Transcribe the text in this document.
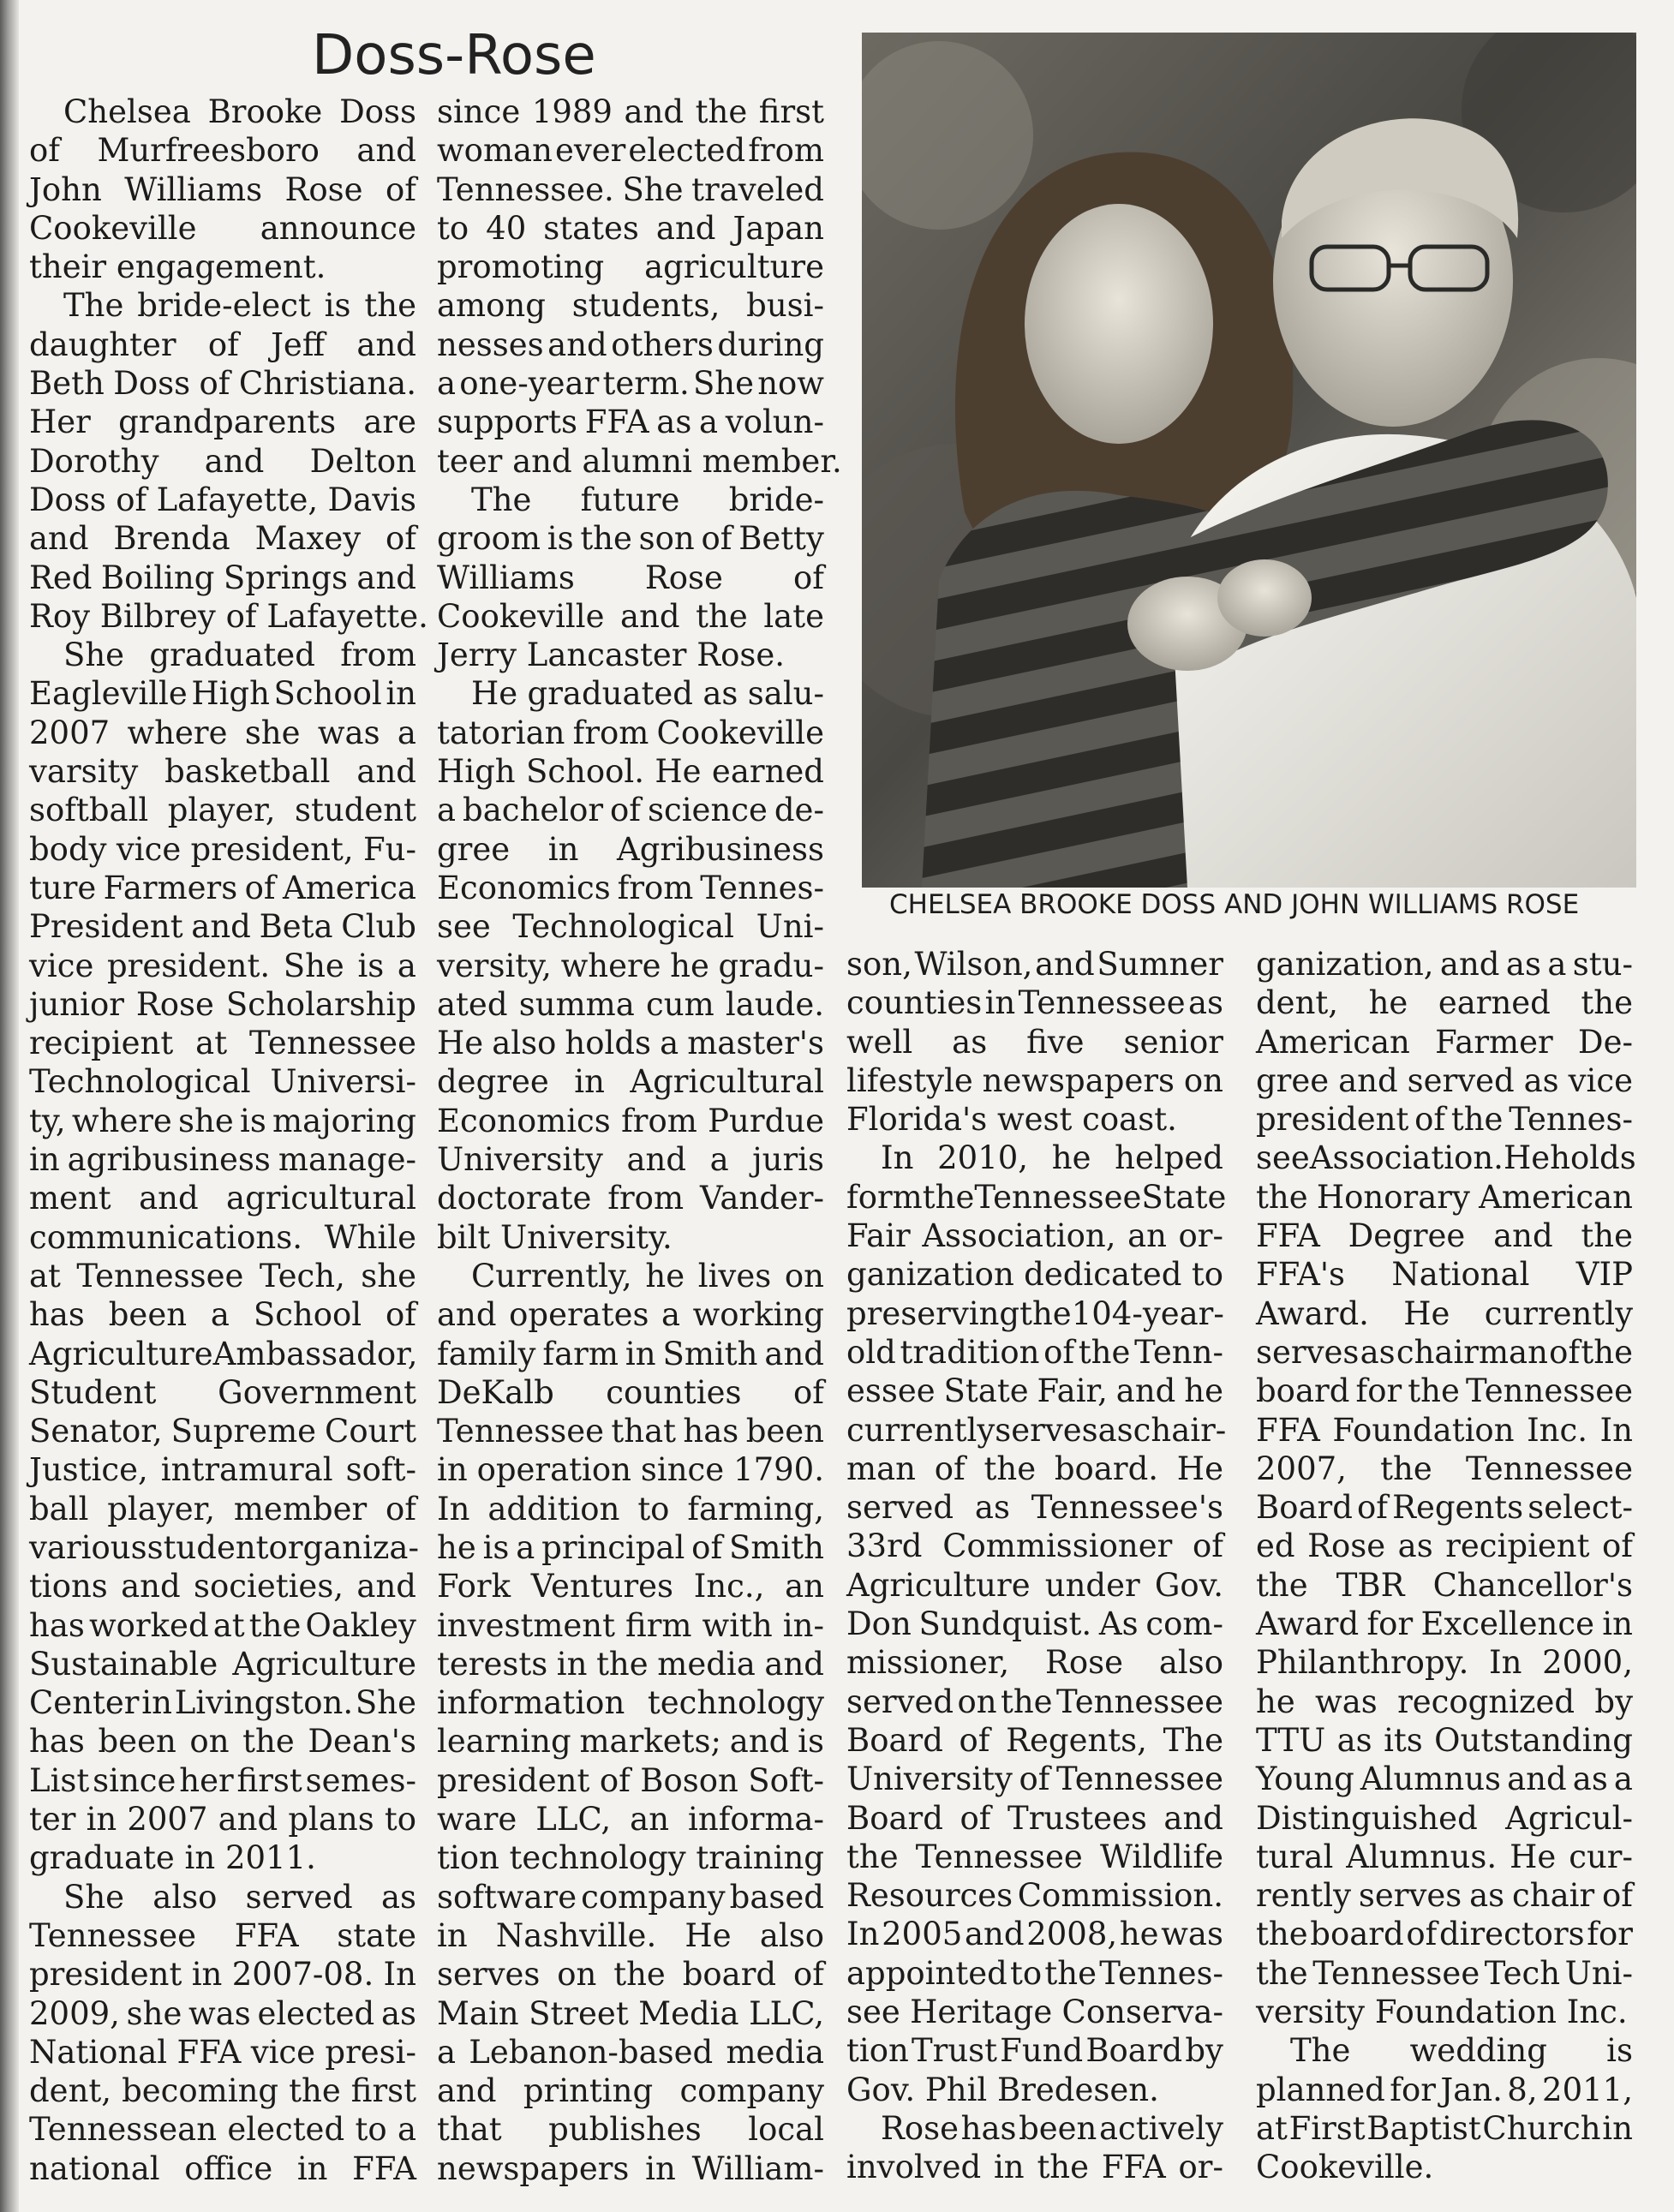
Doss-Rose
Chelsea Brooke Doss
of Murfreesboro and
John Williams Rose of
Cookeville announce
their engagement.
The bride-elect is the
daughter of Jeff and
Beth Doss of Christiana.
Her grandparents are
Dorothy and Delton
Doss of Lafayette, Davis
and Brenda Maxey of
Red Boiling Springs and
Roy Bilbrey of Lafayette.
She graduated from
Eagleville High School in
2007 where she was a
varsity basketball and
softball player, student
body vice president, Fu-
ture Farmers of America
President and Beta Club
vice president. She is a
junior Rose Scholarship
recipient at Tennessee
Technological Universi-
ty, where she is majoring
in agribusiness manage-
ment and agricultural
communications. While
at Tennessee Tech, she
has been a School of
Agriculture Ambassador,
Student Government
Senator, Supreme Court
Justice, intramural soft-
ball player, member of
various student organiza-
tions and societies, and
has worked at the Oakley
Sustainable Agriculture
Center in Livingston. She
has been on the Dean's
List since her first semes-
ter in 2007 and plans to
graduate in 2011.
She also served as
Tennessee FFA state
president in 2007-08. In
2009, she was elected as
National FFA vice presi-
dent, becoming the first
Tennessean elected to a
national office in FFA
since 1989 and the first
woman ever elected from
Tennessee. She traveled
to 40 states and Japan
promoting agriculture
among students, busi-
nesses and others during
a one-year term. She now
supports FFA as a volun-
teer and alumni member.
The future bride-
groom is the son of Betty
Williams Rose of
Cookeville and the late
Jerry Lancaster Rose.
He graduated as salu-
tatorian from Cookeville
High School. He earned
a bachelor of science de-
gree in Agribusiness
Economics from Tennes-
see Technological Uni-
versity, where he gradu-
ated summa cum laude.
He also holds a master's
degree in Agricultural
Economics from Purdue
University and a juris
doctorate from Vander-
bilt University.
Currently, he lives on
and operates a working
family farm in Smith and
DeKalb counties of
Tennessee that has been
in operation since 1790.
In addition to farming,
he is a principal of Smith
Fork Ventures Inc., an
investment firm with in-
terests in the media and
information technology
learning markets; and is
president of Boson Soft-
ware LLC, an informa-
tion technology training
software company based
in Nashville. He also
serves on the board of
Main Street Media LLC,
a Lebanon-based media
and printing company
that publishes local
newspapers in William-
CHELSEA BROOKE DOSS AND JOHN WILLIAMS ROSE
son, Wilson, and Sumner
counties in Tennessee as
well as five senior
lifestyle newspapers on
Florida's west coast.
In 2010, he helped
form the Tennessee State
Fair Association, an or-
ganization dedicated to
preserving the 104-year-
old tradition of the Tenn-
essee State Fair, and he
currently serves as chair-
man of the board. He
served as Tennessee's
33rd Commissioner of
Agriculture under Gov.
Don Sundquist. As com-
missioner, Rose also
served on the Tennessee
Board of Regents, The
University of Tennessee
Board of Trustees and
the Tennessee Wildlife
Resources Commission.
In 2005 and 2008, he was
appointed to the Tennes-
see Heritage Conserva-
tion Trust Fund Board by
Gov. Phil Bredesen.
Rose has been actively
involved in the FFA or-
ganization, and as a stu-
dent, he earned the
American Farmer De-
gree and served as vice
president of the Tennes-
see Association. He holds
the Honorary American
FFA Degree and the
FFA's National VIP
Award. He currently
serves as chairman of the
board for the Tennessee
FFA Foundation Inc. In
2007, the Tennessee
Board of Regents select-
ed Rose as recipient of
the TBR Chancellor's
Award for Excellence in
Philanthropy. In 2000,
he was recognized by
TTU as its Outstanding
Young Alumnus and as a
Distinguished Agricul-
tural Alumnus. He cur-
rently serves as chair of
the board of directors for
the Tennessee Tech Uni-
versity Foundation Inc.
The wedding is
planned for Jan. 8, 2011,
at First Baptist Church in
Cookeville.
